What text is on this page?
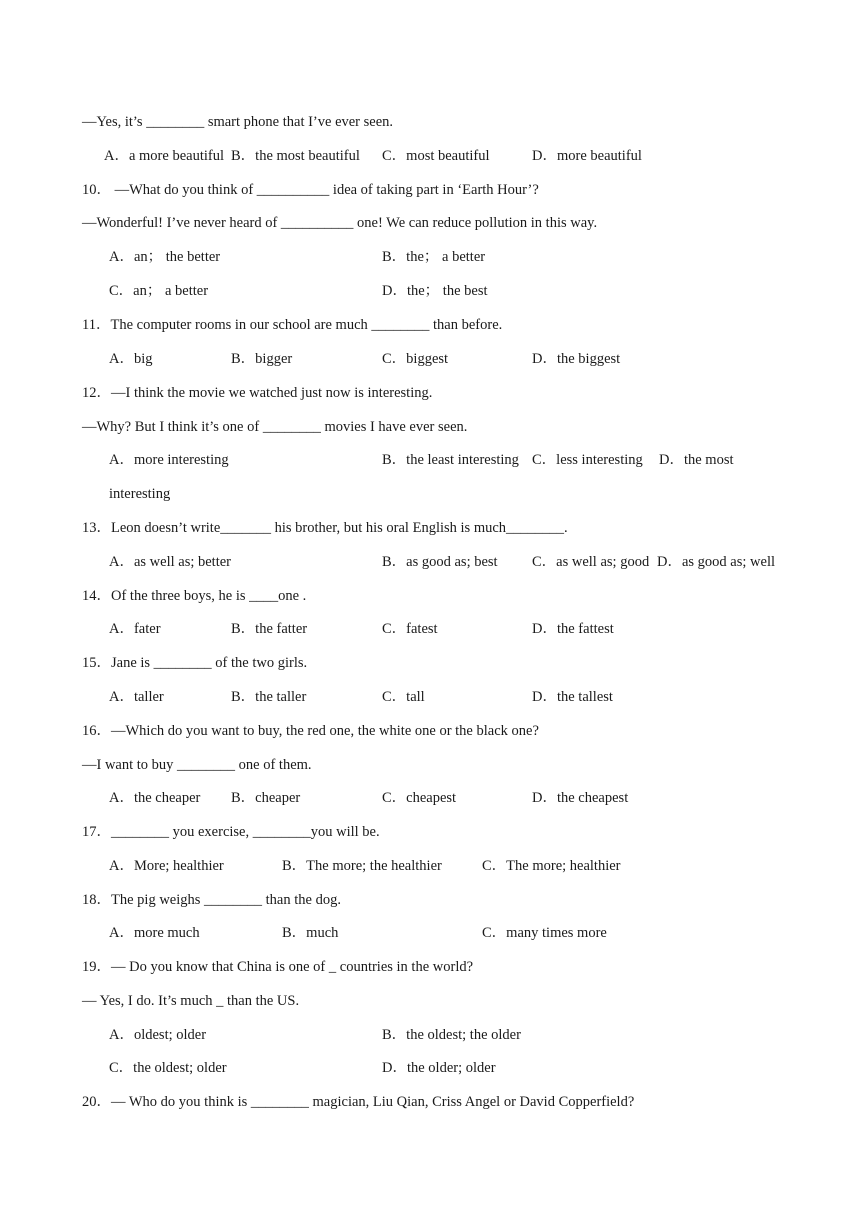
—Yes, it’s ________ smart phone that I’ve ever seen.
A．a more beautiful B．the most beautiful C．most beautiful	D．more beautiful
10． —What do you think of __________ idea of taking part in ‘Earth Hour’?
—Wonderful! I’ve never heard of __________ one! We can reduce pollution in this way.
A．an； the better	B．the； a better
C．an； a better	D．the； the best
11．The computer rooms in our school are much ________ than before.
A．big	B．bigger	C．biggest	D．the biggest
12．—I think the movie we watched just now is interesting.
—Why? But I think it’s one of ________ movies I have ever seen.
A．more interesting	B．the least interesting C．less interesting D．the most
interesting
13．Leon doesn’t write_______ his brother, but his oral English is much________.
A．as well as; better	B．as good as; best C．as well as; good D．as good as; well
14．Of the three boys, he is ____one .
A．fater	B．the fatter	C．fatest	D．the fattest
15．Jane is ________ of the two girls.
A．taller	B．the taller	C．tall	D．the tallest
16．—Which do you want to buy, the red one, the white one or the black one?
—I want to buy ________ one of them.
A．the cheaper B．cheaper	C．cheapest	D．the cheapest
17．________ you exercise, ________you will be.
A．More; healthier	B．The more; the healthier	C．The more; healthier
18．The pig weighs ________ than the dog.
A．more much	B．much	C．many times more
19．— Do you know that China is one of _ countries in the world?
— Yes, I do. It’s much _ than the US.
A．oldest; older	B．the oldest; the older
C．the oldest; older	D．the older; older
20．— Who do you think is ________ magician, Liu Qian, Criss Angel or David Copperfield?
